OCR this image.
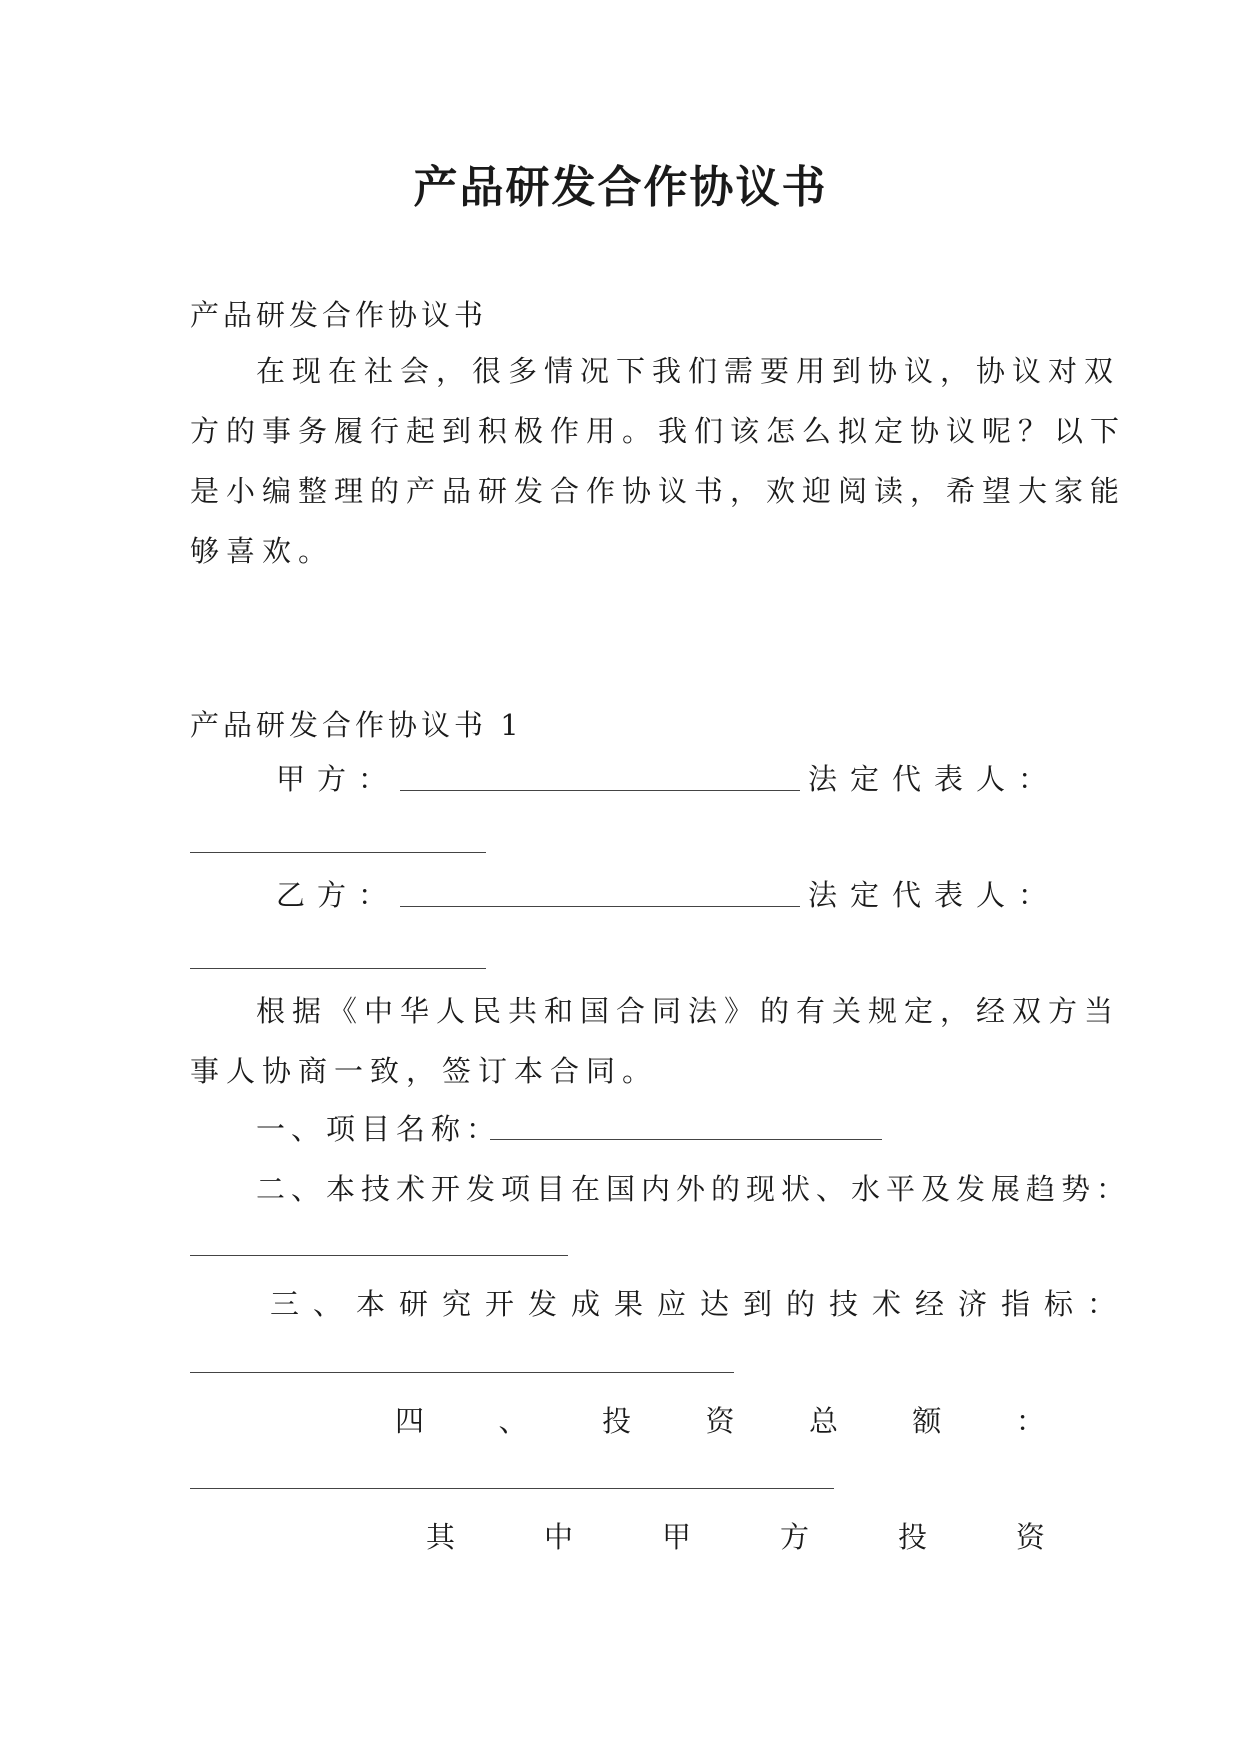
产品研发合作协议书
产品研发合作协议书
在现在社会，很多情况下我们需要用到协议，协议对双
方的事务履行起到积极作用。我们该怎么拟定协议呢？以下
是小编整理的产品研发合作协议书，欢迎阅读，希望大家能
够喜欢。
产品研发合作协议书 1
甲方：	法定代表人：
乙方：	法定代表人：
根据《中华人民共和国合同法》的有关规定，经双方当
事人协商一致，签订本合同。
一、项目名称：
二、本技术开发项目在国内外的现状、水平及发展趋势：
三、本研究开发成果应达到的技术经济指标：
四	、	投	资	总	额	：
其	中	甲	方	投	资
